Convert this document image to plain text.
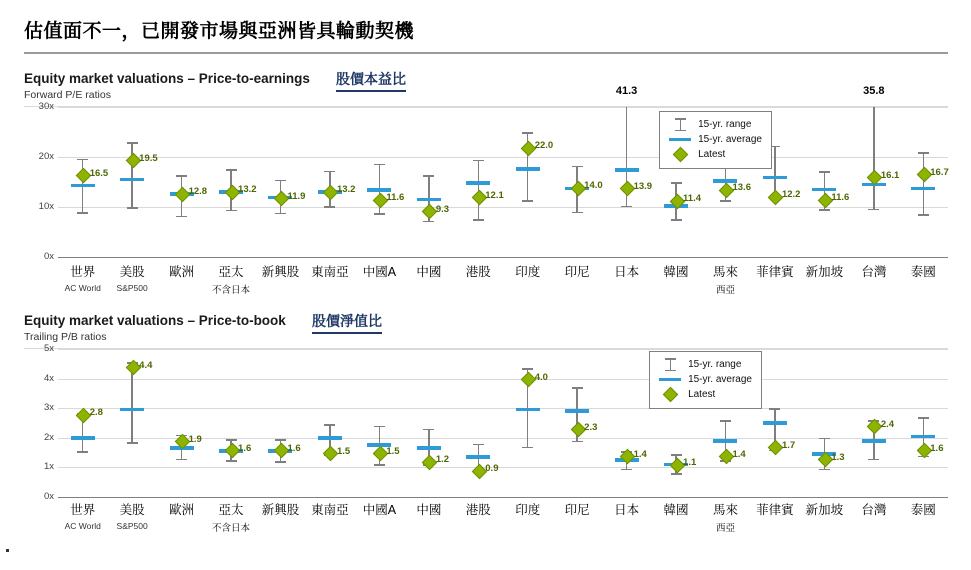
估值面不一，已開發市場與亞洲皆具輪動契機
Equity market valuations – Price-to-earnings 股價本益比
Forward P/E ratios
0x
10x
20x
30x
16.5
19.5
12.8	13.2
11.9
13.2
11.6
9.3
12.1
22.0
14.0	13.9
41.3
11.4
13.6
12.2	11.6
16.1
35.8
16.7
15-yr. range
15-yr. average
Latest
世界
AC World
美股
S&P500
歐洲	亞太
不含日本
新興股 東南亞	中國A	中國	港股	印度	印尼	日本	韓國	馬來
西亞
菲律賓 新加坡	台灣	泰國
Equity market valuations – Price-to-book 股價淨值比
Trailing P/B ratios
0x
1x
2x
3x
4x
5x
2.8
4.4
1.9
1.6	1.6	1.5	1.5
1.2
0.9
4.0
2.3
1.4
1.1
1.4
1.7
1.3
2.4
1.6
15-yr. range
15-yr. average
Latest
世界
AC World
美股
S&P500
歐洲	亞太
不含日本
新興股 東南亞	中國A	中國	港股	印度	印尼	日本	韓國	馬來
西亞
菲律賓 新加坡	台灣	泰國
